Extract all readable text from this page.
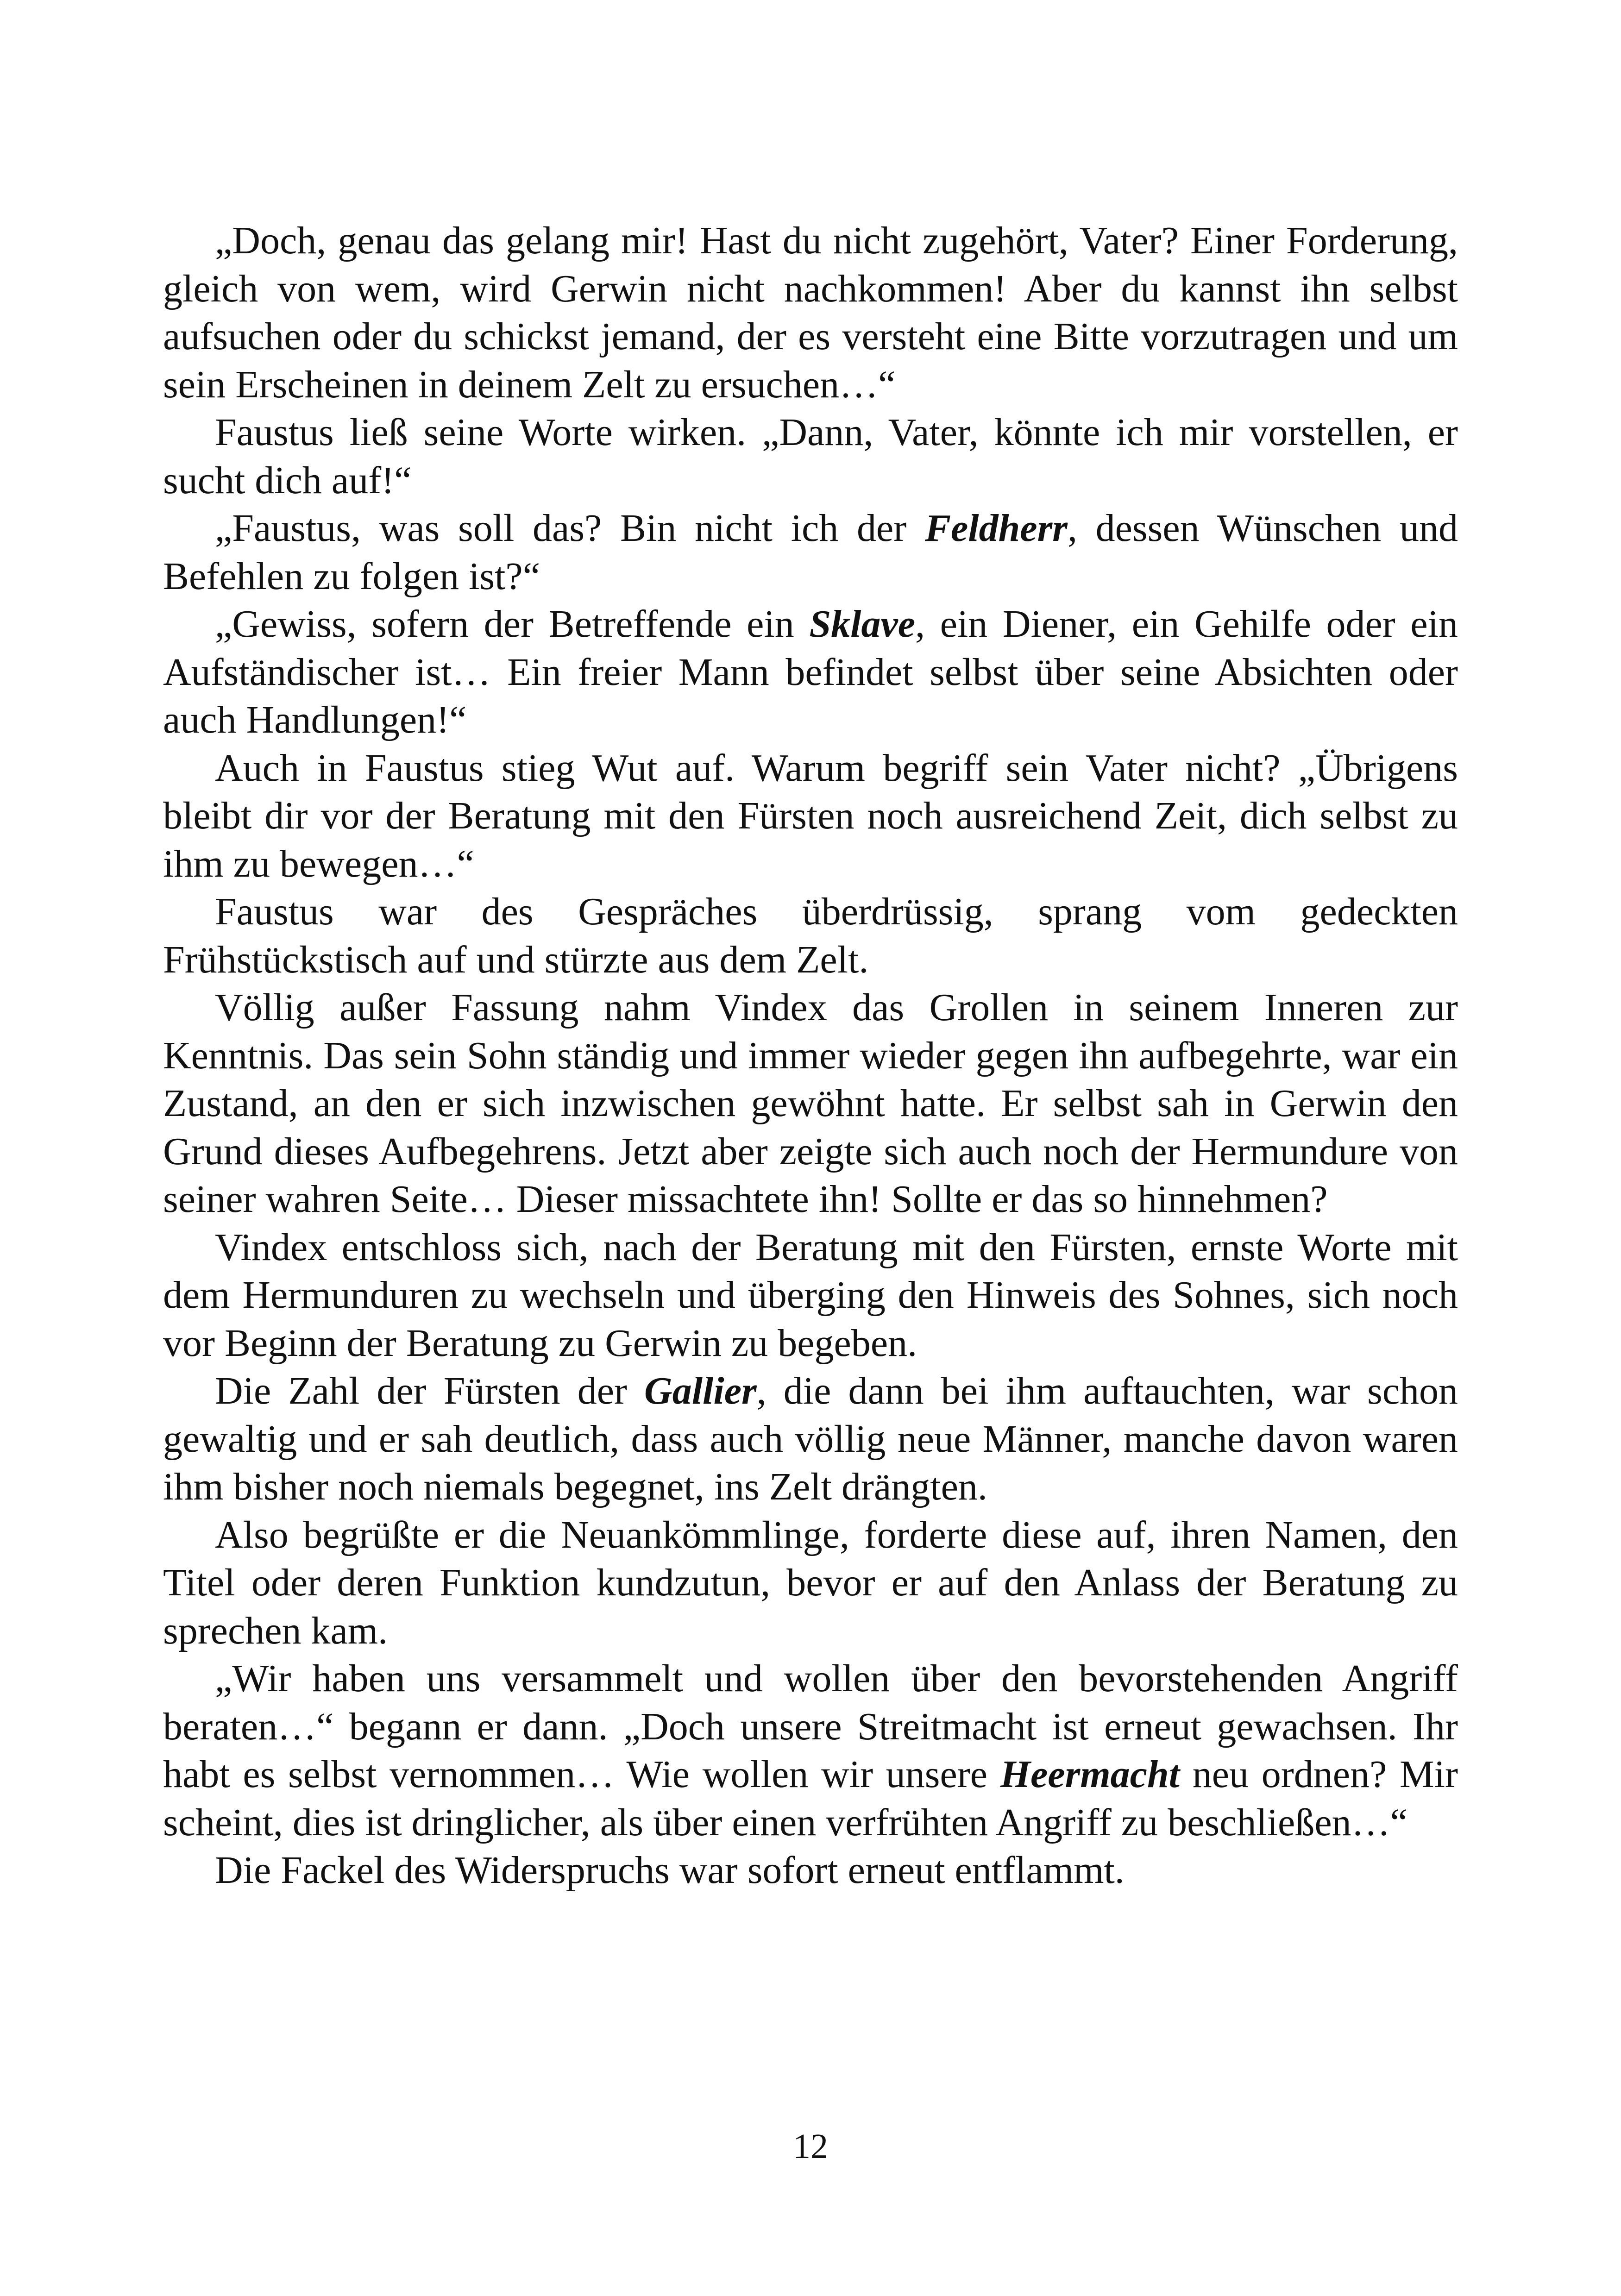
„Doch, genau das gelang mir! Hast du nicht zugehört, Vater? Einer Forderung, gleich von wem, wird Gerwin nicht nachkommen! Aber du kannst ihn selbst aufsuchen oder du schickst jemand, der es versteht eine Bitte vorzutragen und um sein Erscheinen in deinem Zelt zu ersuchen…“

Faustus ließ seine Worte wirken. „Dann, Vater, könnte ich mir vorstellen, er sucht dich auf!“

„Faustus, was soll das? Bin nicht ich der Feldherr, dessen Wünschen und Befehlen zu folgen ist?“

„Gewiss, sofern der Betreffende ein Sklave, ein Diener, ein Gehilfe oder ein Aufständischer ist… Ein freier Mann befindet selbst über seine Absichten oder auch Handlungen!“

Auch in Faustus stieg Wut auf. Warum begriff sein Vater nicht? „Übrigens bleibt dir vor der Beratung mit den Fürsten noch ausreichend Zeit, dich selbst zu ihm zu bewegen…“

Faustus war des Gespräches überdrüssig, sprang vom gedeckten Frühstückstisch auf und stürzte aus dem Zelt.

Völlig außer Fassung nahm Vindex das Grollen in seinem Inneren zur Kenntnis. Das sein Sohn ständig und immer wieder gegen ihn aufbegehrte, war ein Zustand, an den er sich inzwischen gewöhnt hatte. Er selbst sah in Gerwin den Grund dieses Aufbegehrens. Jetzt aber zeigte sich auch noch der Hermundure von seiner wahren Seite… Dieser missachtete ihn! Sollte er das so hinnehmen?

Vindex entschloss sich, nach der Beratung mit den Fürsten, ernste Worte mit dem Hermunduren zu wechseln und überging den Hinweis des Sohnes, sich noch vor Beginn der Beratung zu Gerwin zu begeben.

Die Zahl der Fürsten der Gallier, die dann bei ihm auftauchten, war schon gewaltig und er sah deutlich, dass auch völlig neue Männer, manche davon waren ihm bisher noch niemals begegnet, ins Zelt drängten.

Also begrüßte er die Neuankömmlinge, forderte diese auf, ihren Namen, den Titel oder deren Funktion kundzutun, bevor er auf den Anlass der Beratung zu sprechen kam.

„Wir haben uns versammelt und wollen über den bevorstehenden Angriff beraten…“ begann er dann. „Doch unsere Streitmacht ist erneut gewachsen. Ihr habt es selbst vernommen… Wie wollen wir unsere Heermacht neu ordnen? Mir scheint, dies ist dringlicher, als über einen verfrühten Angriff zu beschließen…“

Die Fackel des Widerspruchs war sofort erneut entflammt.

12
